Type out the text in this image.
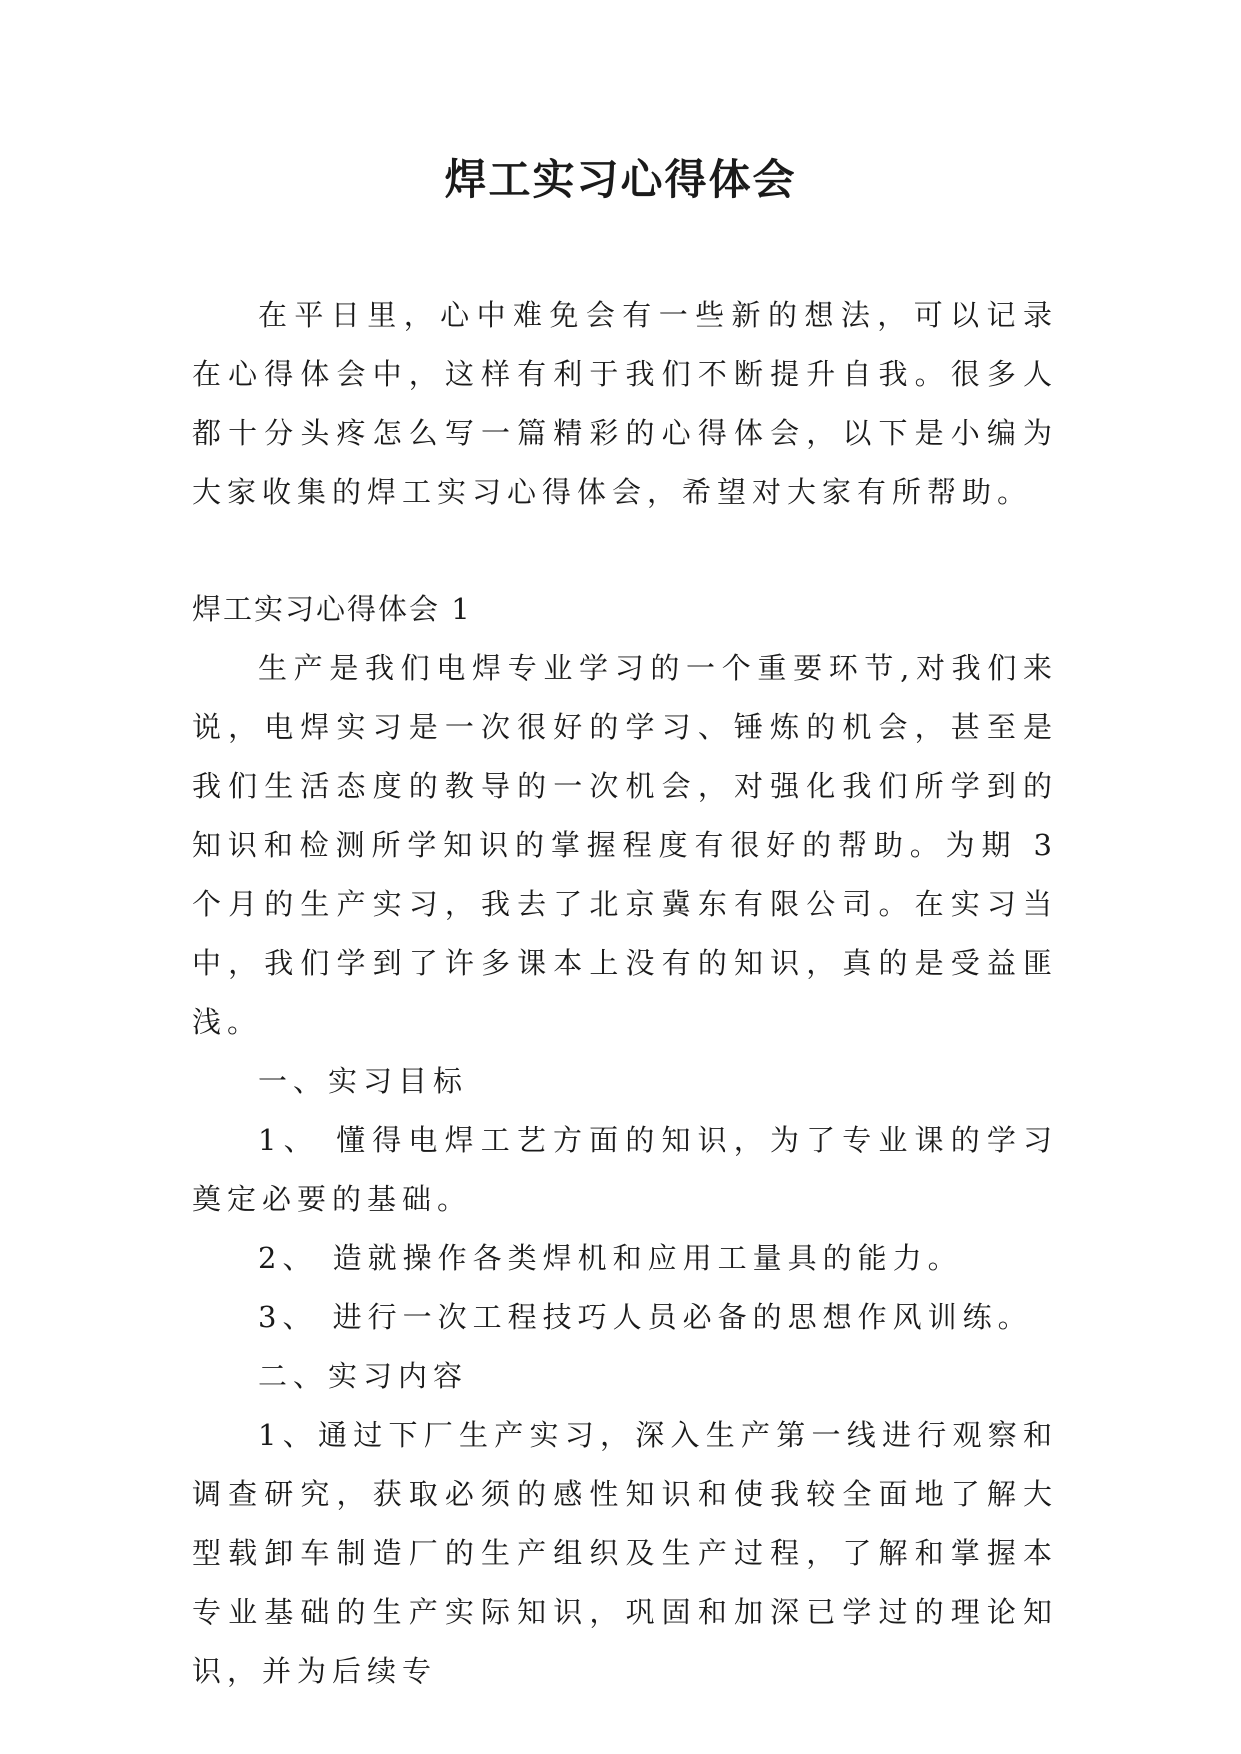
焊工实习心得体会

在平日里，心中难免会有一些新的想法，可以记录在心得体会中，这样有利于我们不断提升自我。很多人都十分头疼怎么写一篇精彩的心得体会，以下是小编为大家收集的焊工实习心得体会，希望对大家有所帮助。

焊工实习心得体会 1

生产是我们电焊专业学习的一个重要环节,对我们来说，电焊实习是一次很好的学习、锤炼的机会，甚至是我们生活态度的教导的一次机会，对强化我们所学到的知识和检测所学知识的掌握程度有很好的帮助。为期 3 个月的生产实习，我去了北京冀东有限公司。在实习当中，我们学到了许多课本上没有的知识，真的是受益匪浅。

一、实习目标

1、 懂得电焊工艺方面的知识，为了专业课的学习奠定必要的基础。

2、 造就操作各类焊机和应用工量具的能力。

3、 进行一次工程技巧人员必备的思想作风训练。

二、实习内容

1、通过下厂生产实习，深入生产第一线进行观察和调查研究，获取必须的感性知识和使我较全面地了解大型载卸车制造厂的生产组织及生产过程，了解和掌握本专业基础的生产实际知识，巩固和加深已学过的理论知识，并为后续专
